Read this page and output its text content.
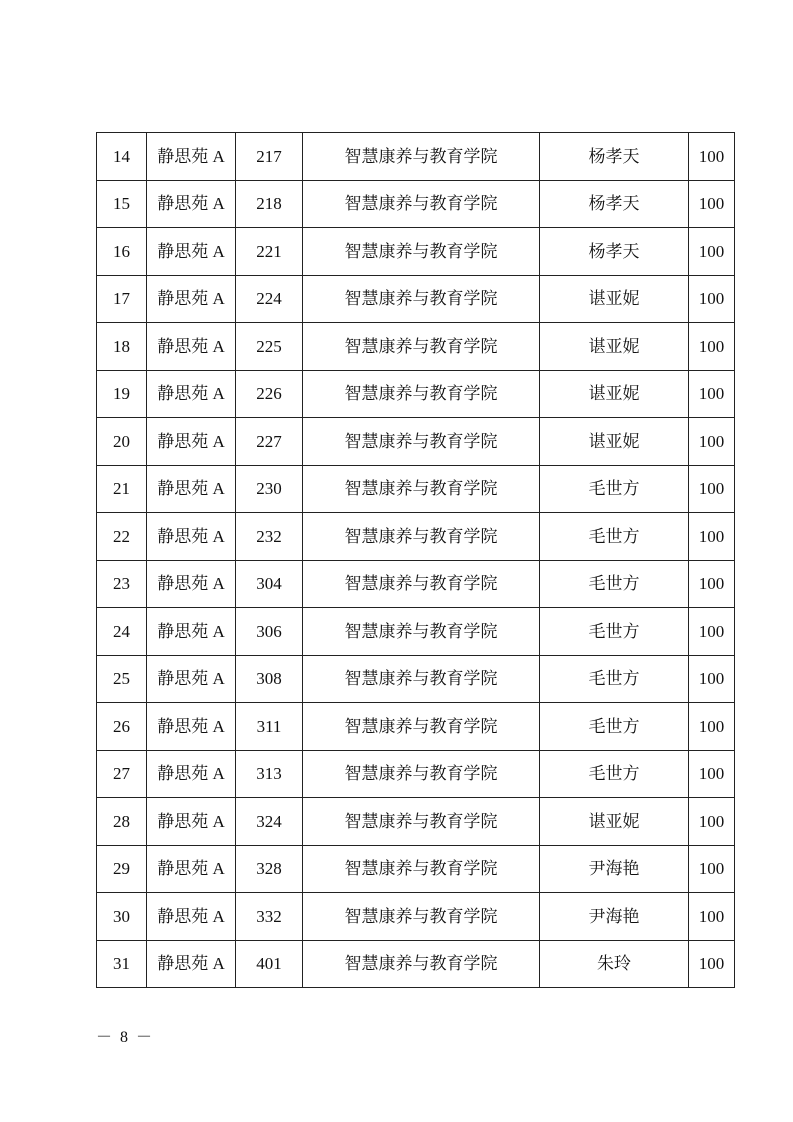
14	静思苑 A	217	智慧康养与教育学院	杨孝天	100
15	静思苑 A	218	智慧康养与教育学院	杨孝天	100
16	静思苑 A	221	智慧康养与教育学院	杨孝天	100
17	静思苑 A	224	智慧康养与教育学院	谌亚妮	100
18	静思苑 A	225	智慧康养与教育学院	谌亚妮	100
19	静思苑 A	226	智慧康养与教育学院	谌亚妮	100
20	静思苑 A	227	智慧康养与教育学院	谌亚妮	100
21	静思苑 A	230	智慧康养与教育学院	毛世方	100
22	静思苑 A	232	智慧康养与教育学院	毛世方	100
23	静思苑 A	304	智慧康养与教育学院	毛世方	100
24	静思苑 A	306	智慧康养与教育学院	毛世方	100
25	静思苑 A	308	智慧康养与教育学院	毛世方	100
26	静思苑 A	311	智慧康养与教育学院	毛世方	100
27	静思苑 A	313	智慧康养与教育学院	毛世方	100
28	静思苑 A	324	智慧康养与教育学院	谌亚妮	100
29	静思苑 A	328	智慧康养与教育学院	尹海艳	100
30	静思苑 A	332	智慧康养与教育学院	尹海艳	100
31	静思苑 A	401	智慧康养与教育学院	朱玲	100
－ 8 －
